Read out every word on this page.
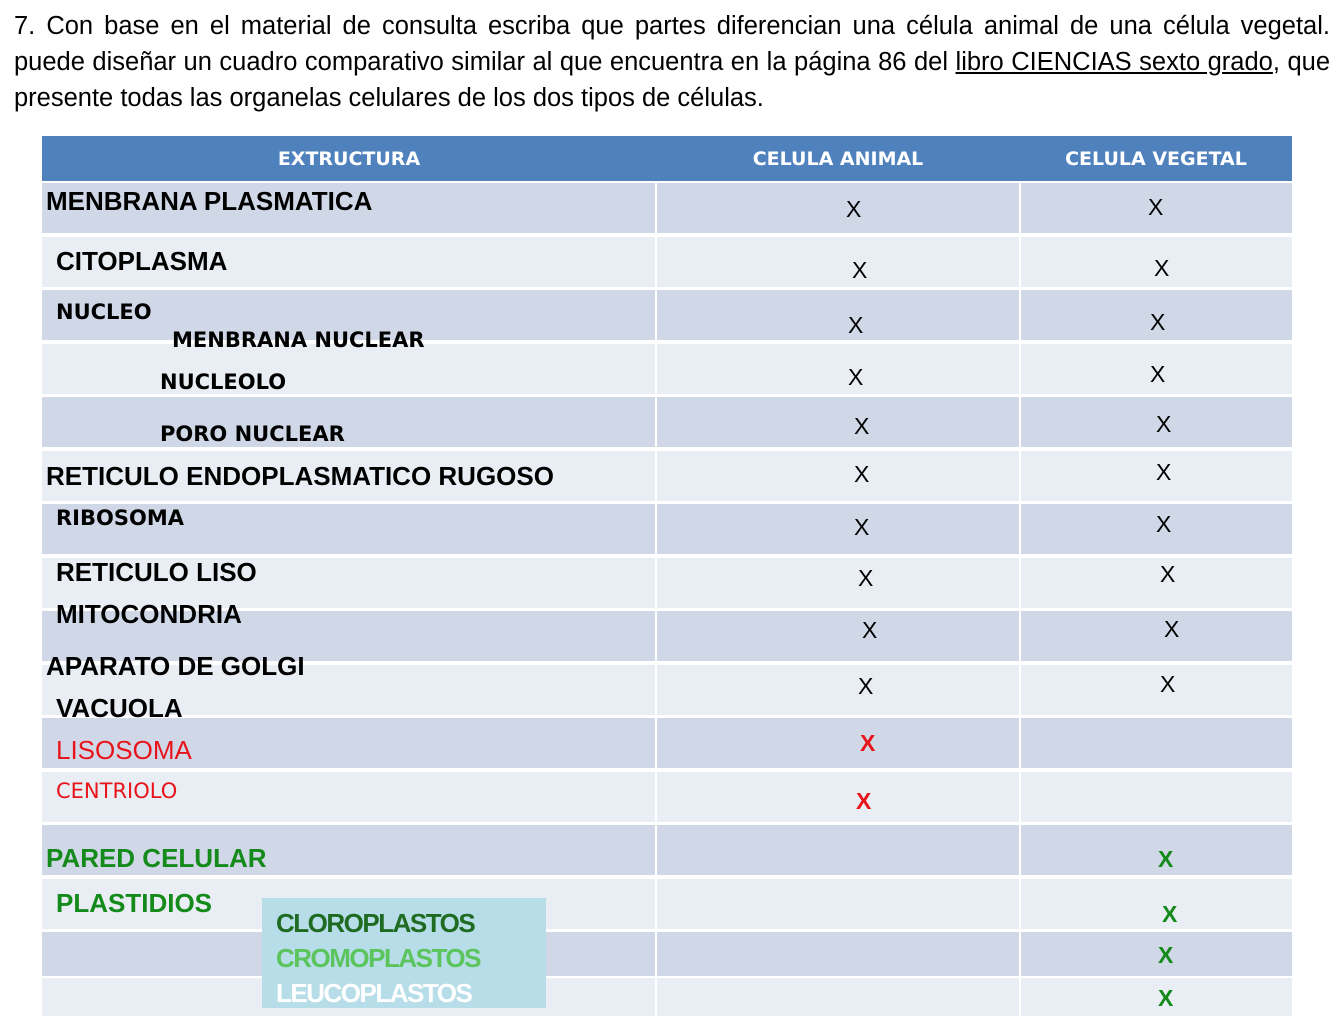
7. Con base en el material de consulta escriba que partes diferencian una célula animal de una célula vegetal. puede diseñar un cuadro comparativo similar al que encuentra en la página 86 del libro CIENCIAS sexto grado, que presente todas las organelas celulares de los dos tipos de células.

EXTRUCTURA	CELULA ANIMAL	CELULA VEGETAL
MENBRANA PLASMATICA
CITOPLASMA
NUCLEO
MENBRANA NUCLEAR
NUCLEOLO
PORO NUCLEAR
RETICULO ENDOPLASMATICO RUGOSO
RIBOSOMA
RETICULO LISO
MITOCONDRIA
APARATO DE GOLGI
VACUOLA
LISOSOMA
CENTRIOLO
PARED CELULAR
PLASTIDIOS
X
X
X
X
X
X
X
X
X
X
X
X
X
X
X
X
X
X
X
X
X
X
X
X
X
X
CLOROPLASTOS
CROMOPLASTOS
LEUCOPLASTOS
